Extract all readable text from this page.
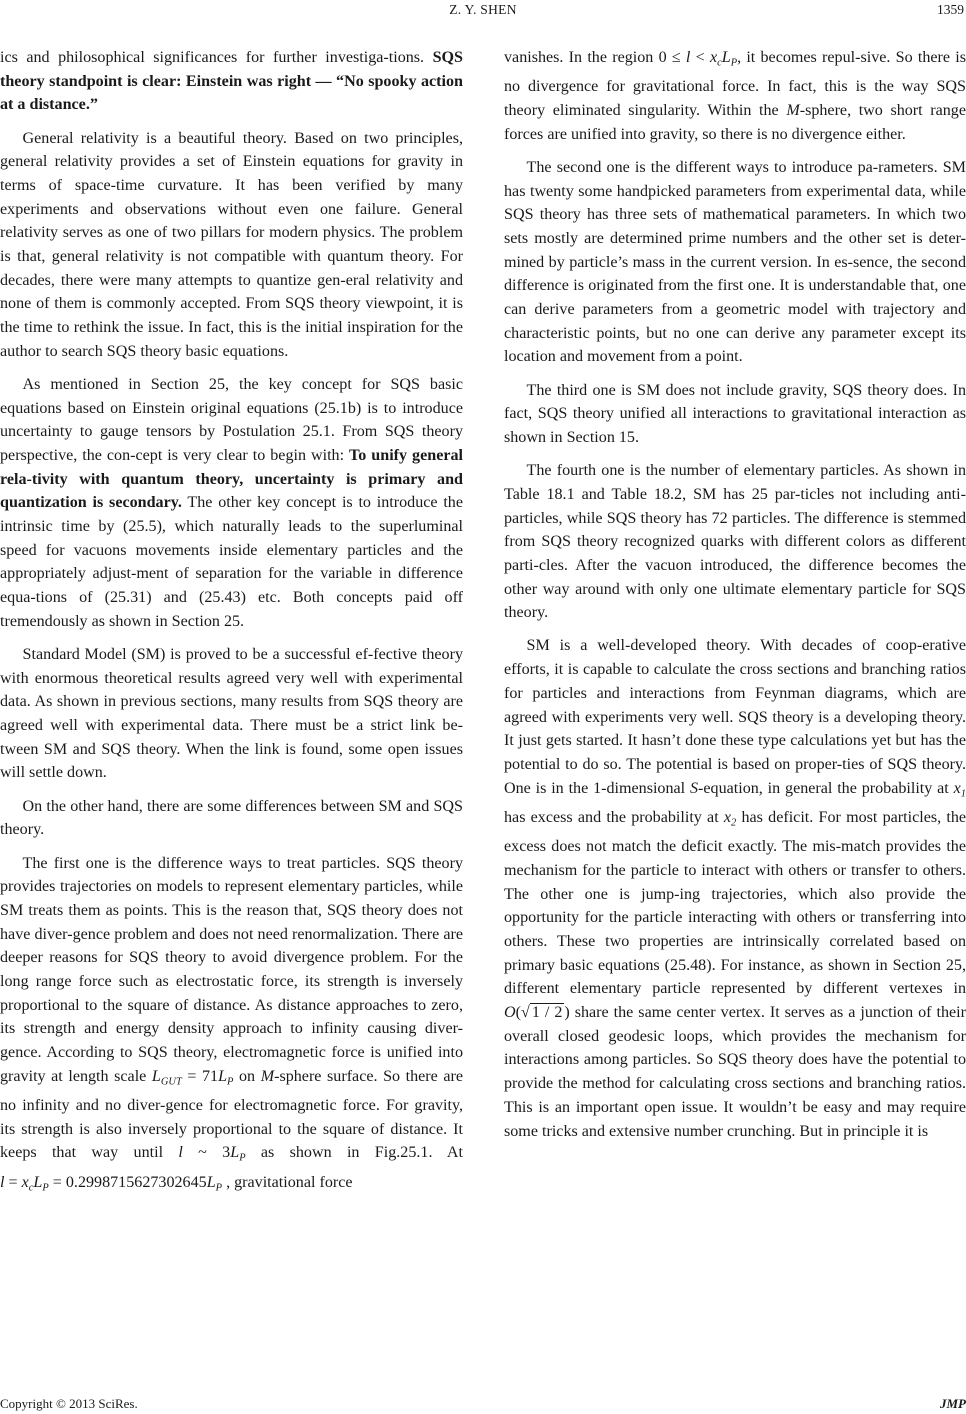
Z. Y. SHEN	1359

ics and philosophical significances for further investiga-tions. SQS theory standpoint is clear: Einstein was right — “No spooky action at a distance.”

General relativity is a beautiful theory. Based on two principles, general relativity provides a set of Einstein equations for gravity in terms of space-time curvature. It has been verified by many experiments and observations without even one failure. General relativity serves as one of two pillars for modern physics. The problem is that, general relativity is not compatible with quantum theory. For decades, there were many attempts to quantize gen-eral relativity and none of them is commonly accepted. From SQS theory viewpoint, it is the time to rethink the issue. In fact, this is the initial inspiration for the author to search SQS theory basic equations.

As mentioned in Section 25, the key concept for SQS basic equations based on Einstein original equations (25.1b) is to introduce uncertainty to gauge tensors by Postulation 25.1. From SQS theory perspective, the con-cept is very clear to begin with: To unify general rela-tivity with quantum theory, uncertainty is primary and quantization is secondary. The other key concept is to introduce the intrinsic time by (25.5), which naturally leads to the superluminal speed for vacuons movements inside elementary particles and the appropriately adjust-ment of separation for the variable in difference equa-tions of (25.31) and (25.43) etc. Both concepts paid off tremendously as shown in Section 25.

Standard Model (SM) is proved to be a successful ef-fective theory with enormous theoretical results agreed very well with experimental data. As shown in previous sections, many results from SQS theory are agreed well with experimental data. There must be a strict link be-tween SM and SQS theory. When the link is found, some open issues will settle down.

On the other hand, there are some differences between SM and SQS theory.

The first one is the difference ways to treat particles. SQS theory provides trajectories on models to represent elementary particles, while SM treats them as points. This is the reason that, SQS theory does not have diver-gence problem and does not need renormalization. There are deeper reasons for SQS theory to avoid divergence problem. For the long range force such as electrostatic force, its strength is inversely proportional to the square of distance. As distance approaches to zero, its strength and energy density approach to infinity causing diver-gence. According to SQS theory, electromagnetic force is unified into gravity at length scale $L_{GUT} = 71L_P$ on M-sphere surface. So there are no infinity and no diver-gence for electromagnetic force. For gravity, its strength is also inversely proportional to the square of distance. It keeps that way until l ~ $3L_P$ as shown in Fig.25.1. At $l = x_cL_P = 0.2998715627302645L_P$ , gravitational force

vanishes. In the region $0 \le l < x_cL_P$, it becomes repul-sive. So there is no divergence for gravitational force. In fact, this is the way SQS theory eliminated singularity. Within the M-sphere, two short range forces are unified into gravity, so there is no divergence either.

The second one is the different ways to introduce pa-rameters. SM has twenty some handpicked parameters from experimental data, while SQS theory has three sets of mathematical parameters. In which two sets mostly are determined prime numbers and the other set is deter-mined by particle’s mass in the current version. In es-sence, the second difference is originated from the first one. It is understandable that, one can derive parameters from a geometric model with trajectory and characteristic points, but no one can derive any parameter except its location and movement from a point.

The third one is SM does not include gravity, SQS theory does. In fact, SQS theory unified all interactions to gravitational interaction as shown in Section 15.

The fourth one is the number of elementary particles. As shown in Table 18.1 and Table 18.2, SM has 25 par-ticles not including anti-particles, while SQS theory has 72 particles. The difference is stemmed from SQS theory recognized quarks with different colors as different parti-cles. After the vacuon introduced, the difference becomes the other way around with only one ultimate elementary particle for SQS theory.

SM is a well-developed theory. With decades of coop-erative efforts, it is capable to calculate the cross sections and branching ratios for particles and interactions from Feynman diagrams, which are agreed with experiments very well. SQS theory is a developing theory. It just gets started. It hasn’t done these type calculations yet but has the potential to do so. The potential is based on proper-ties of SQS theory. One is in the 1-dimensional S-equation, in general the probability at $x_1$ has excess and the probability at $x_2$ has deficit. For most particles, the excess does not match the deficit exactly. The mis-match provides the mechanism for the particle to interact with others or transfer to others. The other one is jump-ing trajectories, which also provide the opportunity for the particle interacting with others or transferring into others. These two properties are intrinsically correlated based on primary basic equations (25.48). For instance, as shown in Section 25, different elementary particle represented by different vertexes in O(√ 1 / 2 ) share the same center vertex. It serves as a junction of their overall closed geodesic loops, which provides the mechanism for interactions among particles. So SQS theory does have the potential to provide the method for calculating cross sections and branching ratios. This is an important open issue. It wouldn’t be easy and may require some tricks and extensive number crunching. But in principle it is

Copyright © 2013 SciRes.	JMP
